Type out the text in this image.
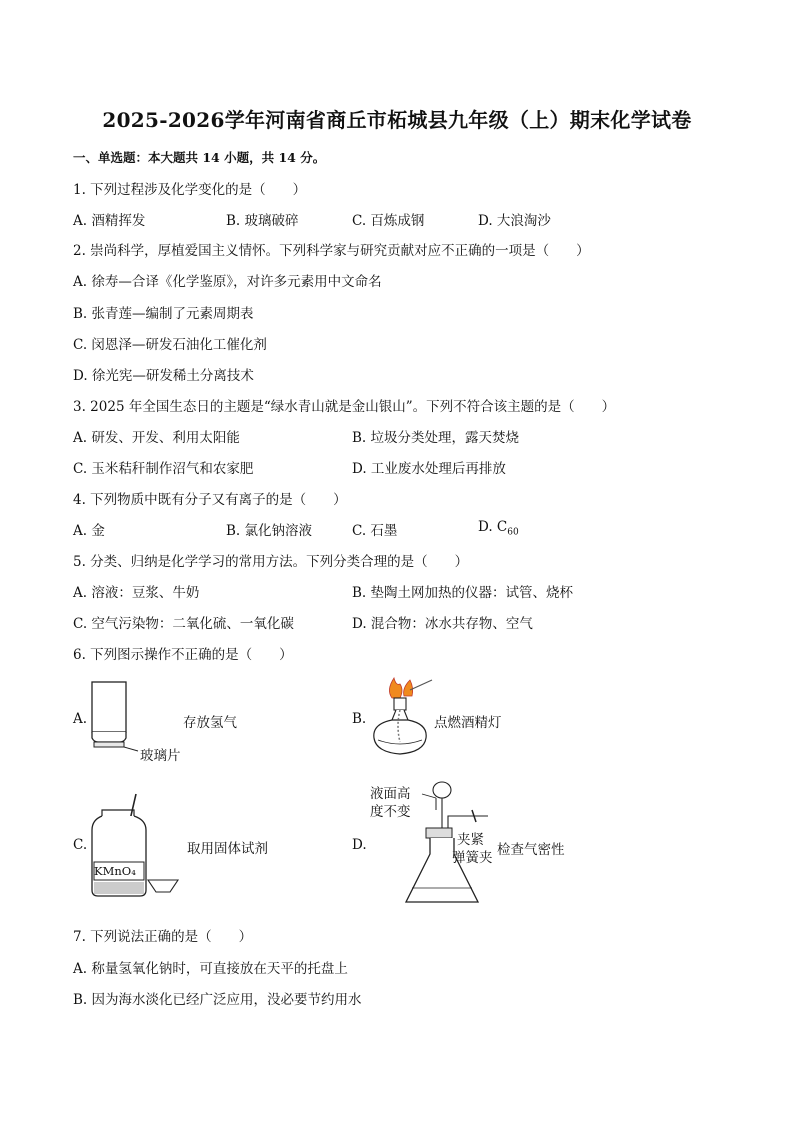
2025-2026学年河南省商丘市柘城县九年级（上）期末化学试卷
一、单选题：本大题共 14 小题，共 14 分。
1. 下列过程涉及化学变化的是（　　）
A. 酒精挥发	B. 玻璃破碎	C. 百炼成钢	D. 大浪淘沙
2. 崇尚科学，厚植爱国主义情怀。下列科学家与研究贡献对应不正确的一项是（　　）
A. 徐寿—合译《化学鉴原》，对许多元素用中文命名
B. 张青莲—编制了元素周期表
C. 闵恩泽—研发石油化工催化剂
D. 徐光宪—研发稀土分离技术
3. 2025 年全国生态日的主题是“绿水青山就是金山银山”。下列不符合该主题的是（　　）
A. 研发、开发、利用太阳能	B. 垃圾分类处理，露天焚烧
C. 玉米秸秆制作沼气和农家肥	D. 工业废水处理后再排放
4. 下列物质中既有分子又有离子的是（　　）
A. 金	B. 氯化钠溶液	C. 石墨	D. $C_{60}$
5. 分类、归纳是化学学习的常用方法。下列分类合理的是（　　）
A. 溶液：豆浆、牛奶	B. 垫陶土网加热的仪器：试管、烧杯
C. 空气污染物：二氧化硫、一氧化碳	D. 混合物：冰水共存物、空气
6. 下列图示操作不正确的是（　　）
A.
玻璃片
存放氢气	B.	点燃酒精灯
C.
KMnO₄
取用固体试剂	D.
液面高
度不变
夹紧
弹簧夹 检查气密性
7. 下列说法正确的是（　　）
A. 称量氢氧化钠时，可直接放在天平的托盘上
B. 因为海水淡化已经广泛应用，没必要节约用水
